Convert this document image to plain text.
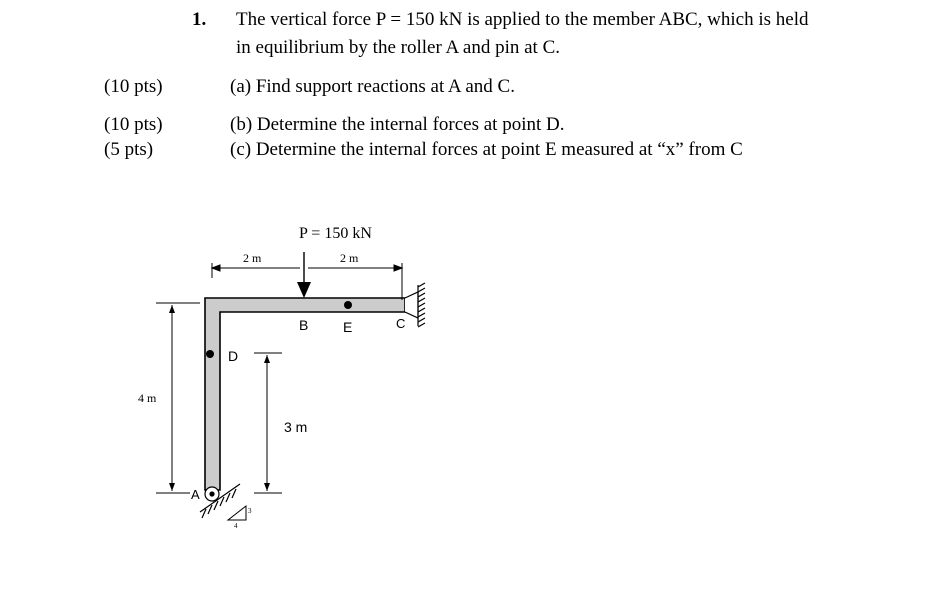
1. The vertical force P = 150 kN is applied to the member ABC, which is held
in equilibrium by the roller A and pin at C.
(10 pts)	(a) Find support reactions at A and C.
(10 pts)	(b) Determine the internal forces at point D.
(5 pts)	(c) Determine the internal forces at point E measured at “x” from C
P = 150 kN
2 m	2 m
4 m
3 m
D
B E	C
A
3
4
